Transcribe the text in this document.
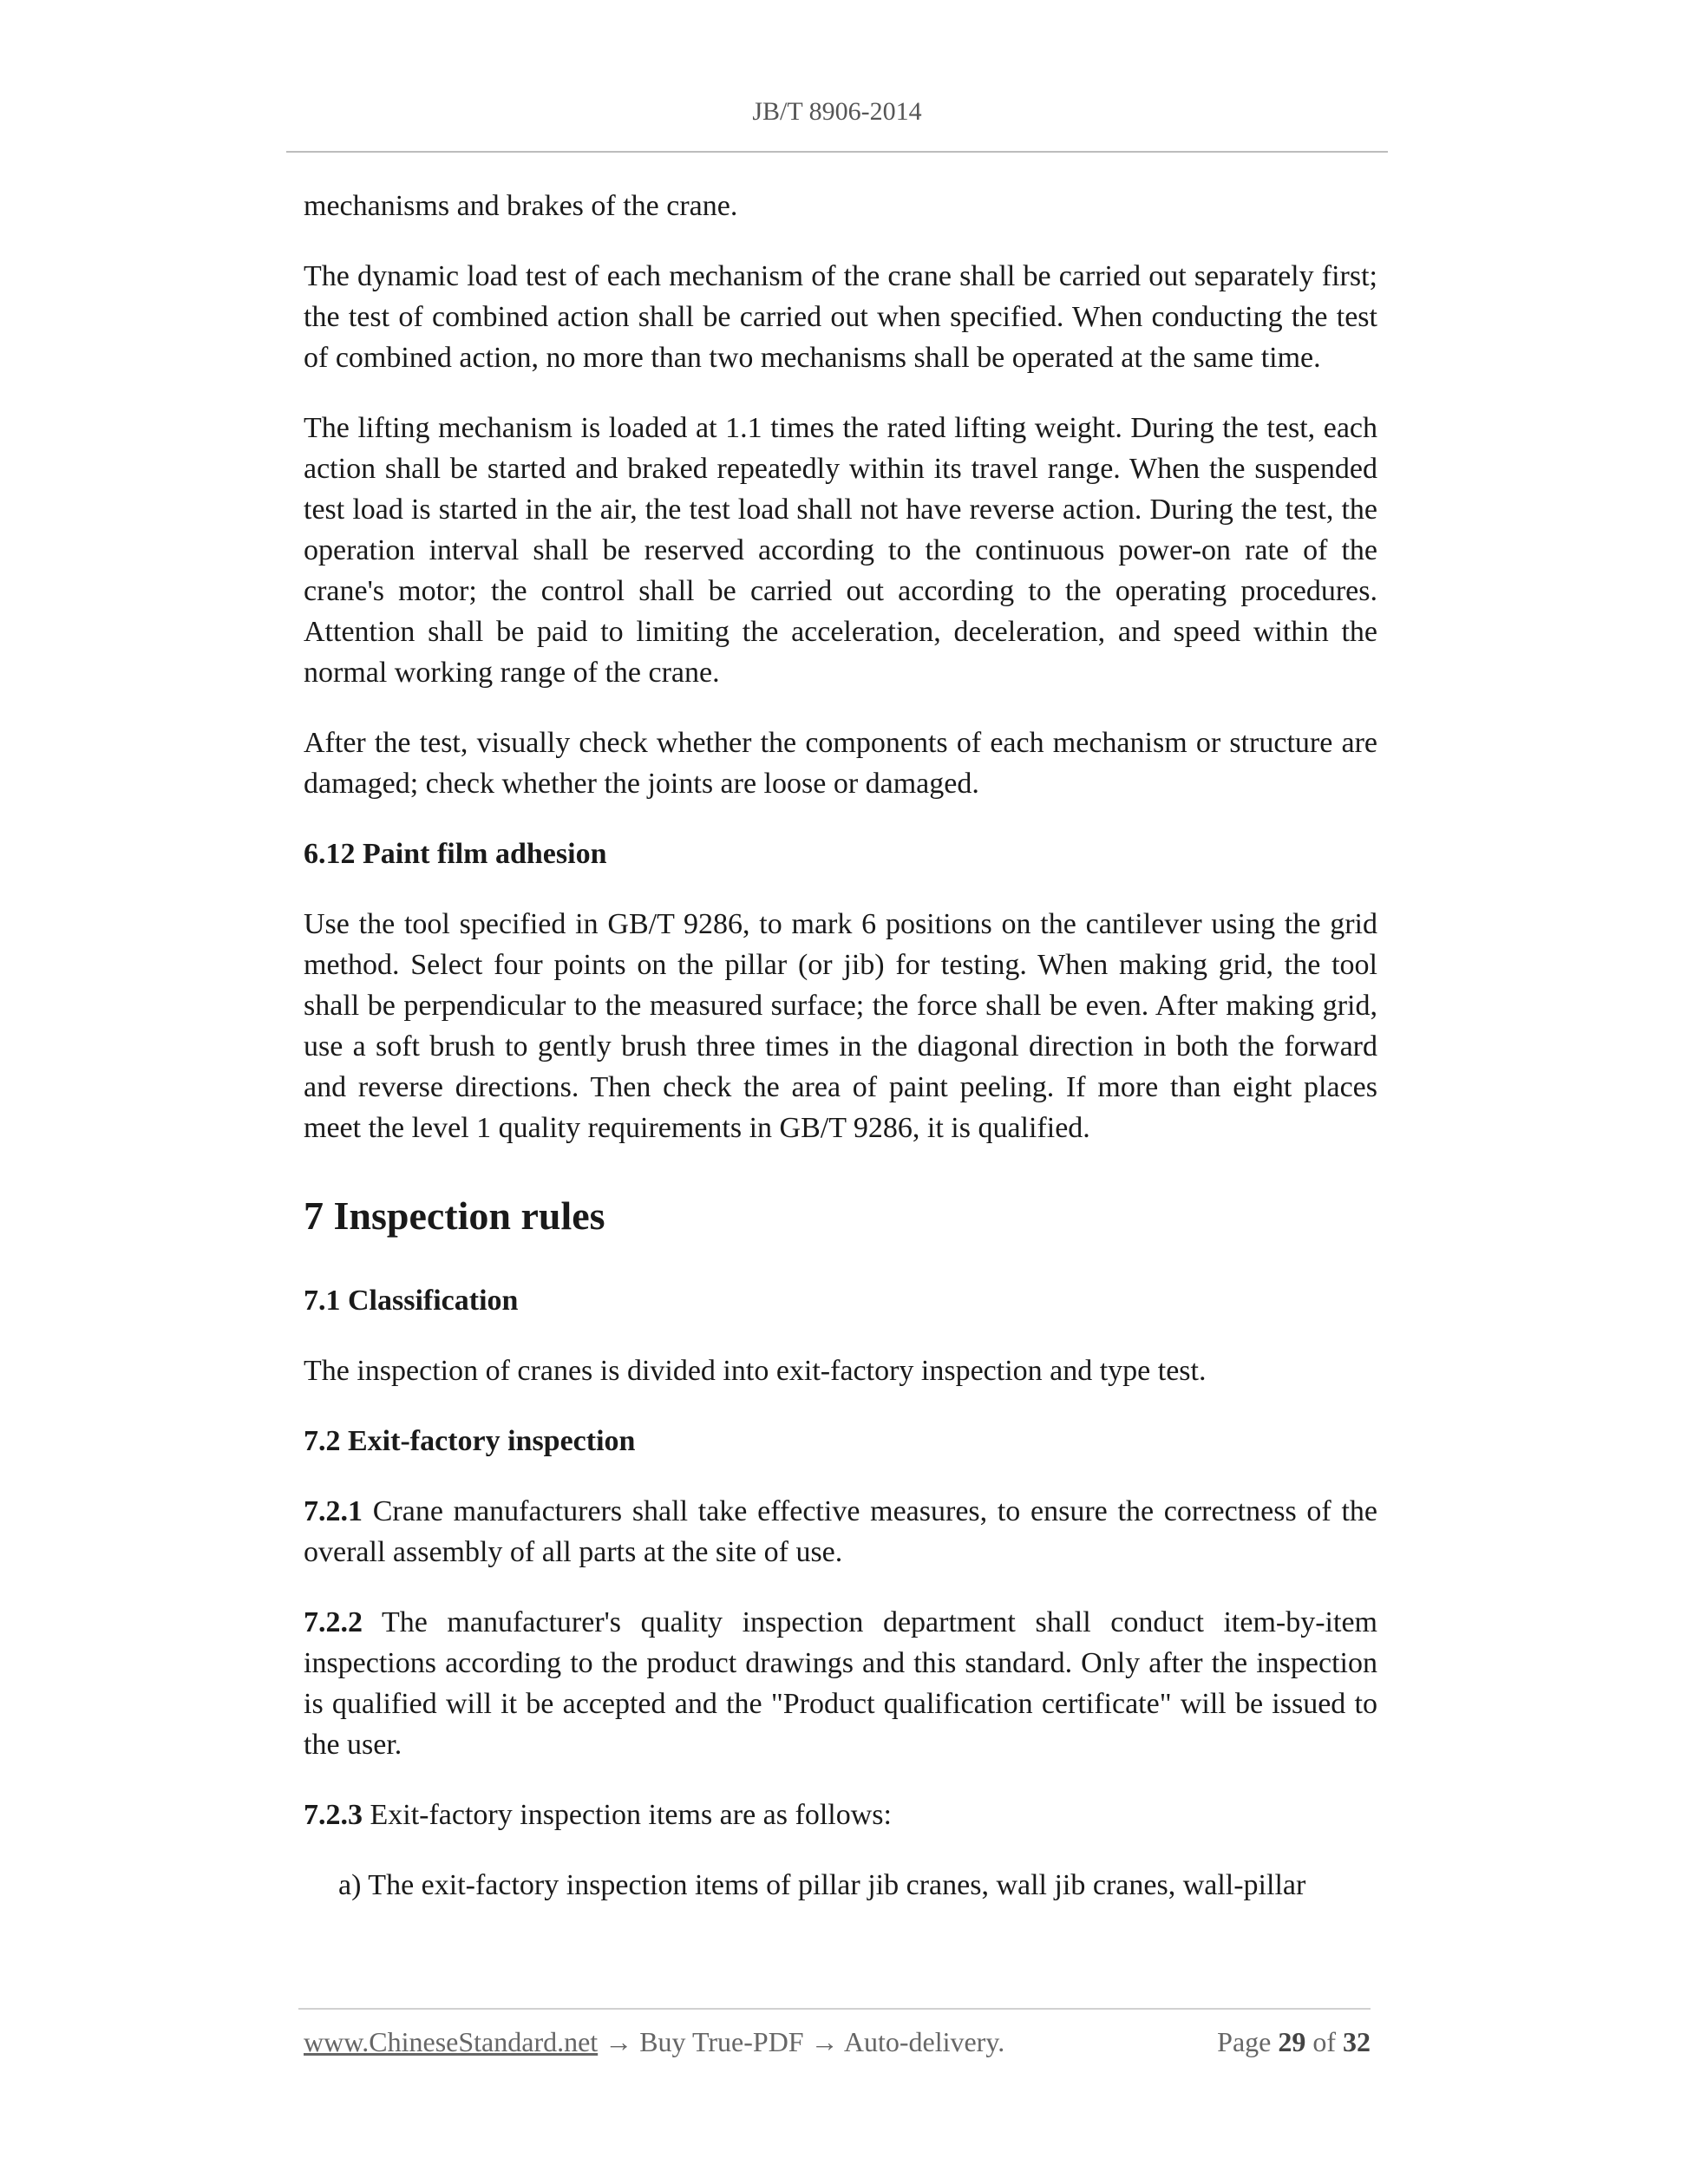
JB/T 8906-2014

mechanisms and brakes of the crane.

The dynamic load test of each mechanism of the crane shall be carried out separately first; the test of combined action shall be carried out when specified. When conducting the test of combined action, no more than two mechanisms shall be operated at the same time.

The lifting mechanism is loaded at 1.1 times the rated lifting weight. During the test, each action shall be started and braked repeatedly within its travel range. When the suspended test load is started in the air, the test load shall not have reverse action. During the test, the operation interval shall be reserved according to the continuous power-on rate of the crane's motor; the control shall be carried out according to the operating procedures. Attention shall be paid to limiting the acceleration, deceleration, and speed within the normal working range of the crane.

After the test, visually check whether the components of each mechanism or structure are damaged; check whether the joints are loose or damaged.

6.12 Paint film adhesion

Use the tool specified in GB/T 9286, to mark 6 positions on the cantilever using the grid method. Select four points on the pillar (or jib) for testing. When making grid, the tool shall be perpendicular to the measured surface; the force shall be even. After making grid, use a soft brush to gently brush three times in the diagonal direction in both the forward and reverse directions. Then check the area of paint peeling. If more than eight places meet the level 1 quality requirements in GB/T 9286, it is qualified.

7 Inspection rules
7.1 Classification

The inspection of cranes is divided into exit-factory inspection and type test.

7.2 Exit-factory inspection

7.2.1 Crane manufacturers shall take effective measures, to ensure the correctness of the overall assembly of all parts at the site of use.

7.2.2 The manufacturer's quality inspection department shall conduct item-by-item inspections according to the product drawings and this standard. Only after the inspection is qualified will it be accepted and the "Product qualification certificate" will be issued to the user.

7.2.3 Exit-factory inspection items are as follows:

a) The exit-factory inspection items of pillar jib cranes, wall jib cranes, wall-pillar

www.ChineseStandard.net → Buy True-PDF → Auto-delivery.	Page 29 of 32
